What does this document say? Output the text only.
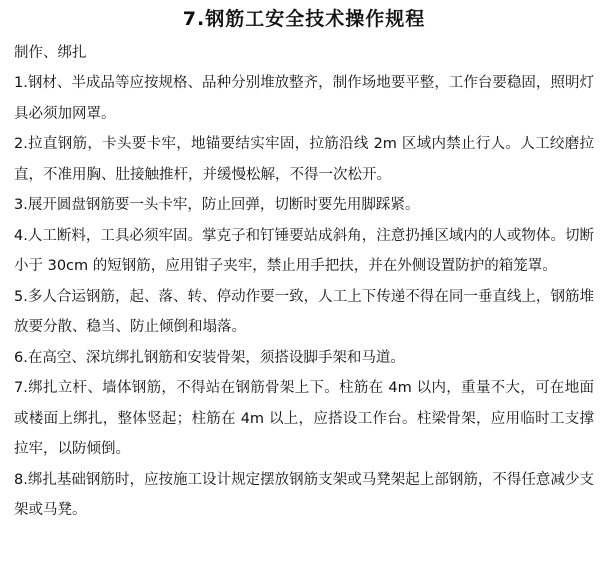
7.钢筋工安全技术操作规程

制作、绑扎

1.钢材、半成品等应按规格、品种分别堆放整齐，制作场地要平整，工作台要稳固，照明灯具必须加网罩。

2.拉直钢筋，卡头要卡牢，地锚要结实牢固，拉筋沿线 2m 区域内禁止行人。人工绞磨拉直，不准用胸、肚接触推杆，并缓慢松解，不得一次松开。

3.展开圆盘钢筋要一头卡牢，防止回弹，切断时要先用脚踩紧。

4.人工断料，工具必须牢固。掌克子和钉锤要站成斜角，注意扔捶区域内的人或物体。切断小于 30cm 的短钢筋，应用钳子夹牢，禁止用手把扶，并在外侧设置防护的箱笼罩。

5.多人合运钢筋，起、落、转、停动作要一致，人工上下传递不得在同一垂直线上，钢筋堆放要分散、稳当、防止倾倒和塌落。

6.在高空、深坑绑扎钢筋和安装骨架，须搭设脚手架和马道。

7.绑扎立杆、墙体钢筋，不得站在钢筋骨架上下。柱筋在 4m 以内，重量不大，可在地面或楼面上绑扎，整体竖起；柱筋在 4m 以上，应搭设工作台。柱梁骨架，应用临时工支撑拉牢，以防倾倒。

8.绑扎基础钢筋时，应按施工设计规定摆放钢筋支架或马凳架起上部钢筋，不得任意减少支架或马凳。
